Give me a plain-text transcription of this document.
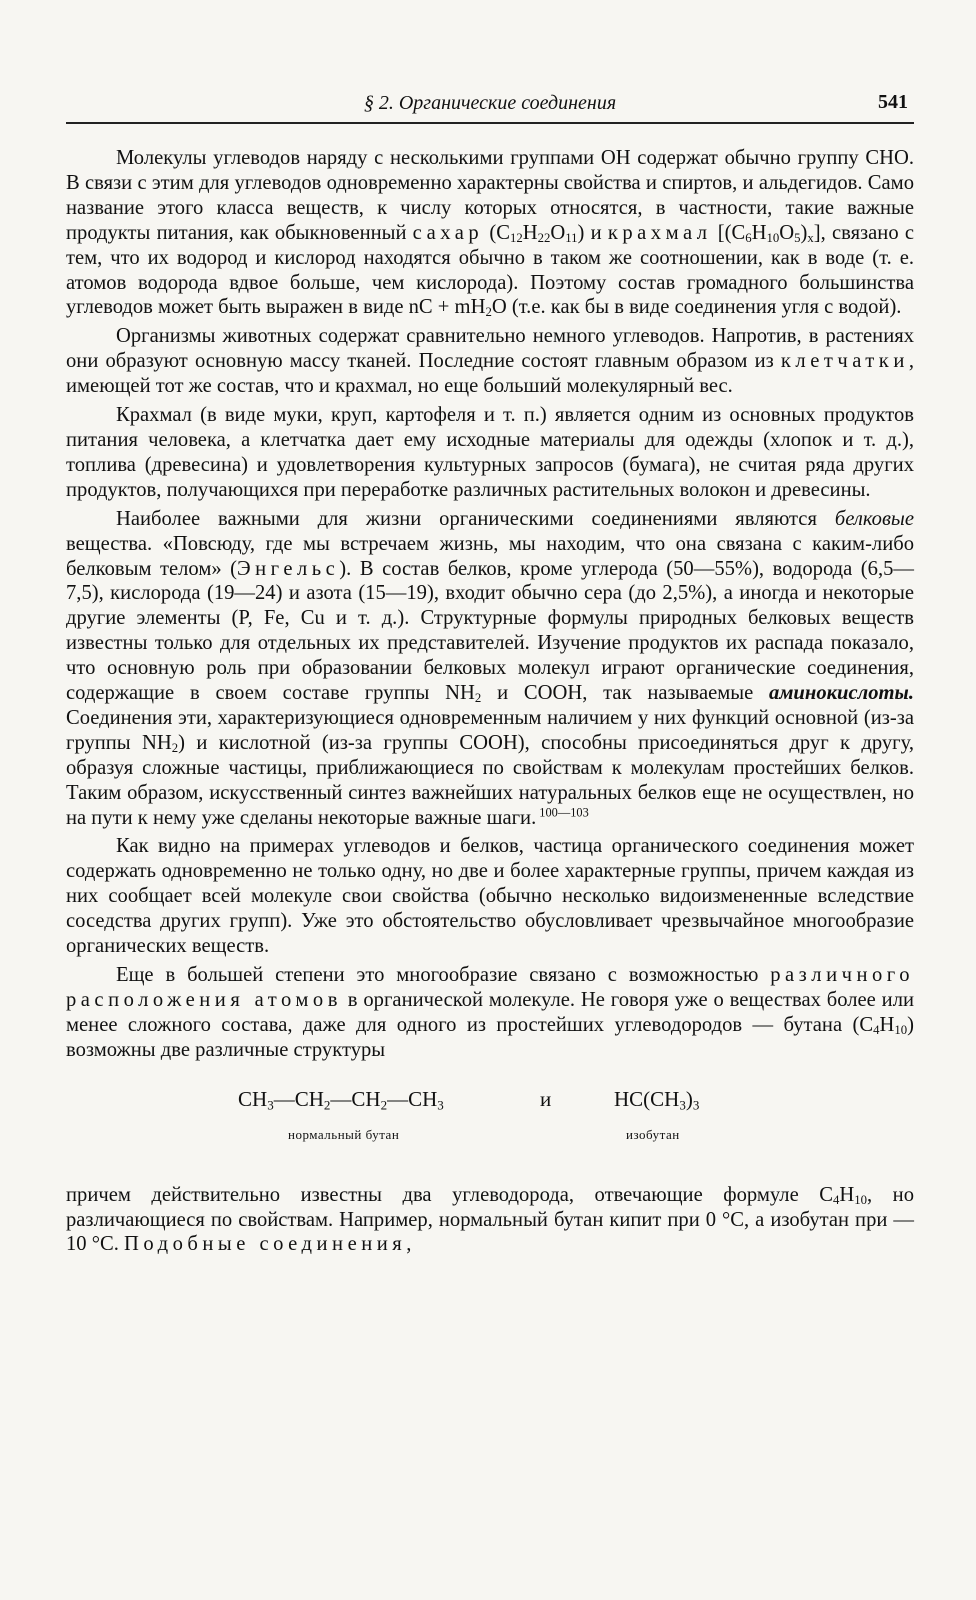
§ 2. Органические соединения	541

Молекулы углеводов наряду с несколькими группами ОН содержат обычно группу СНО. В связи с этим для углеводов одновременно характерны свойства и спиртов, и альдегидов. Само название этого класса веществ, к числу которых относятся, в частности, такие важные продукты питания, как обыкновенный сахар $(C_{12}H_{22}O_{11})$ и крахмал $[(C_6H_{10}O_5)_x]$, связано с тем, что их водород и кислород находятся обычно в таком же соотношении, как в воде (т. е. атомов водорода вдвое больше, чем кислорода). Поэтому состав громадного большинства углеводов может быть выражен в виде nC + $mH_2O$ (т.е. как бы в виде соединения угля с водой).

Организмы животных содержат сравнительно немного углеводов. Напротив, в растениях они образуют основную массу тканей. Последние состоят главным образом из клетчатки, имеющей тот же состав, что и крахмал, но еще больший молекулярный вес.

Крахмал (в виде муки, круп, картофеля и т. п.) является одним из основных продуктов питания человека, а клетчатка дает ему исходные материалы для одежды (хлопок и т. д.), топлива (древесина) и удовлетворения культурных запросов (бумага), не считая ряда других продуктов, получающихся при переработке различных растительных волокон и древесины.

Наиболее важными для жизни органическими соединениями являются белковые вещества. «Повсюду, где мы встречаем жизнь, мы находим, что она связана с каким-либо белковым телом» (Энгельс). В состав белков, кроме углерода (50—55%), водорода (6,5—7,5), кислорода (19—24) и азота (15—19), входит обычно сера (до 2,5%), а иногда и некоторые другие элементы (P, Fe, Cu и т. д.). Структурные формулы природных белковых веществ известны только для отдельных их представителей. Изучение продуктов их распада показало, что основную роль при образовании белковых молекул играют органические соединения, содержащие в своем составе группы $NH_2$ и COOH, так называемые аминокислоты. Соединения эти, характеризующиеся одновременным наличием у них функций основной (из-за группы $NH_2$) и кислотной (из-за группы COOH), способны присоединяться друг к другу, образуя сложные частицы, приближающиеся по свойствам к молекулам простейших белков. Таким образом, искусственный синтез важнейших натуральных белков еще не осуществлен, но на пути к нему уже сделаны некоторые важные шаги. $^{100—103}$

Как видно на примерах углеводов и белков, частица органического соединения может содержать одновременно не только одну, но две и более характерные группы, причем каждая из них сообщает всей молекуле свои свойства (обычно несколько видоизмененные вследствие соседства других групп). Уже это обстоятельство обусловливает чрезвычайное многообразие органических веществ.

Еще в большей степени это многообразие связано с возможностью различного расположения атомов в органической молекуле. Не говоря уже о веществах более или менее сложного состава, даже для одного из простейших углеводородов — бутана $(C_4H_{10})$ возможны две различные структуры

$CH_3—CH_2—CH_2—CH_3$	и	$HC(CH_3)_3$
нормальный бутан	изобутан

причем действительно известны два углеводорода, отвечающие формуле $C_4H_{10}$, но различающиеся по свойствам. Например, нормальный бутан кипит при 0 °C, а изобутан при —10 °C. Подобные соединения,
